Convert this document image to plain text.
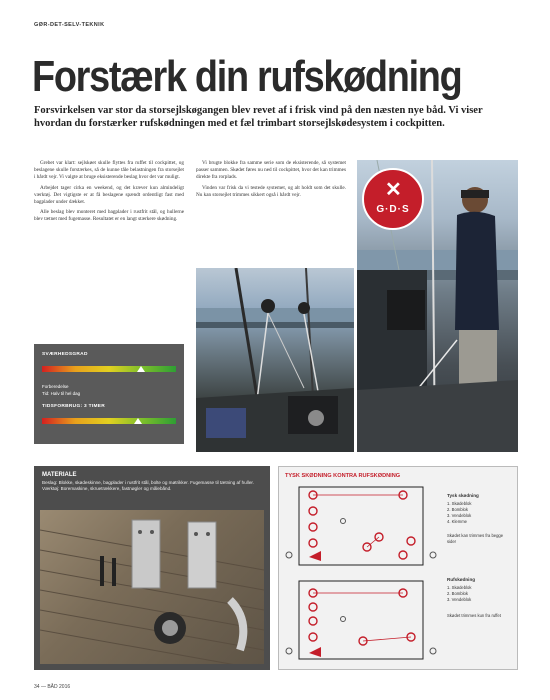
GØR-DET-SELV-TEKNIK
Forstærk din rufskødning
Forsvirkelsen var stor da storsejlskøgangen blev revet af i frisk vind på den næsten nye båd. Vi viser hvordan du forstærker rufskødningen med et fæl trimbart storsejlskødesystem i cockpitten.

Grebet var klart: sejlskøet skulle flyttes fra ruffet til cockpittet, og beslagene skulle forstærkes, så de kunne tåle belastningen fra storsejlet i hårdt vejr. Vi valgte at bruge eksisterende beslag hvor det var muligt.

Arbejdet tager cirka en weekend, og det kræver kun almindeligt værktøj. Det vigtigste er at få beslagene spændt ordentligt fast med bagplader under dækket.

Alle beslag blev monteret med bagplader i rustfrit stål, og hullerne blev tætnet med fugemasse. Resultatet er en langt stærkere skødning.

Vi brugte blokke fra samme serie som de eksisterende, så systemet passer sammen. Skødet føres nu ned til cockpittet, hvor det kan trimmes direkte fra rorplads.

Vinden var frisk da vi testede systemet, og alt holdt som det skulle. Nu kan storsejlet trimmes sikkert også i hårdt vejr.

SVÆRHEDSGRAD
Forberedelse
Tid: Halv til hel dag
TIDSFORBRUG: 3 TIMER
✕
G·D·S
MATERIALE
Beslag: Blokke, skødeskinne, bagplader i rustfrit stål, bolte og møtrikker. Fugemasse til tætning af huller. Værktøj: Boremaskine, skruetrækkere, fastnøgler og målebånd.
TYSK SKØDNING KONTRA RUFSKØDNING
Tysk skødning
1. Skødeblok
2. Bomblok
3. Vendeblok
4. Klemme
Skødet kan trimmes fra begge sider
Rufskødning
1. Skødeblok
2. Bomblok
3. Vendeblok
Skødet trimmes kun fra ruffet
34 — BÅD 2016
